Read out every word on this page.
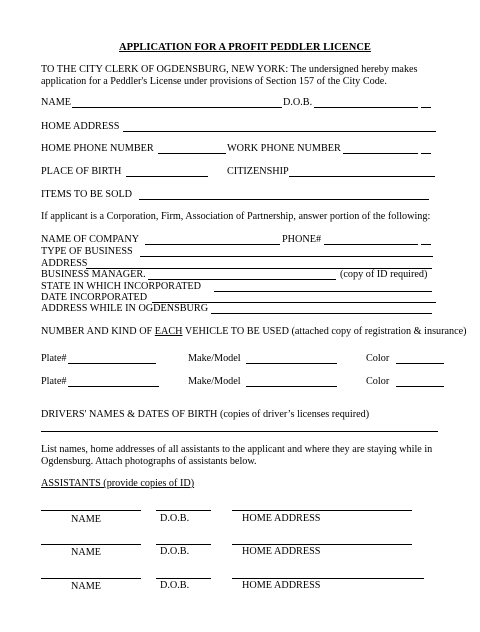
APPLICATION FOR A PROFIT PEDDLER LICENCE
TO THE CITY CLERK OF OGDENSBURG, NEW YORK: The undersigned hereby makes
application for a Peddler's License under provisions of Section 157 of the City Code.
NAME	D.O.B.
HOME ADDRESS
HOME PHONE NUMBER	WORK PHONE NUMBER
PLACE OF BIRTH	CITIZENSHIP
ITEMS TO BE SOLD
If applicant is a Corporation, Firm, Association of Partnership, answer portion of the following:
NAME OF COMPANY	PHONE#
TYPE OF BUSINESS
ADDRESS
BUSINESS MANAGER.	(copy of ID required)
STATE IN WHICH INCORPORATED
DATE INCORPORATED
ADDRESS WHILE IN OGDENSBURG
NUMBER AND KIND OF EACH VEHICLE TO BE USED (attached copy of registration & insurance)
Plate#	Make/Model	Color
Plate#	Make/Model	Color
DRIVERS' NAMES & DATES OF BIRTH (copies of driver’s licenses required)
List names, home addresses of all assistants to the applicant and where they are staying while in
Ogdensburg. Attach photographs of assistants below.
ASSISTANTS (provide copies of ID)
NAME	D.O.B.	HOME ADDRESS
NAME	D.O.B.	HOME ADDRESS
NAME	D.O.B.	HOME ADDRESS
